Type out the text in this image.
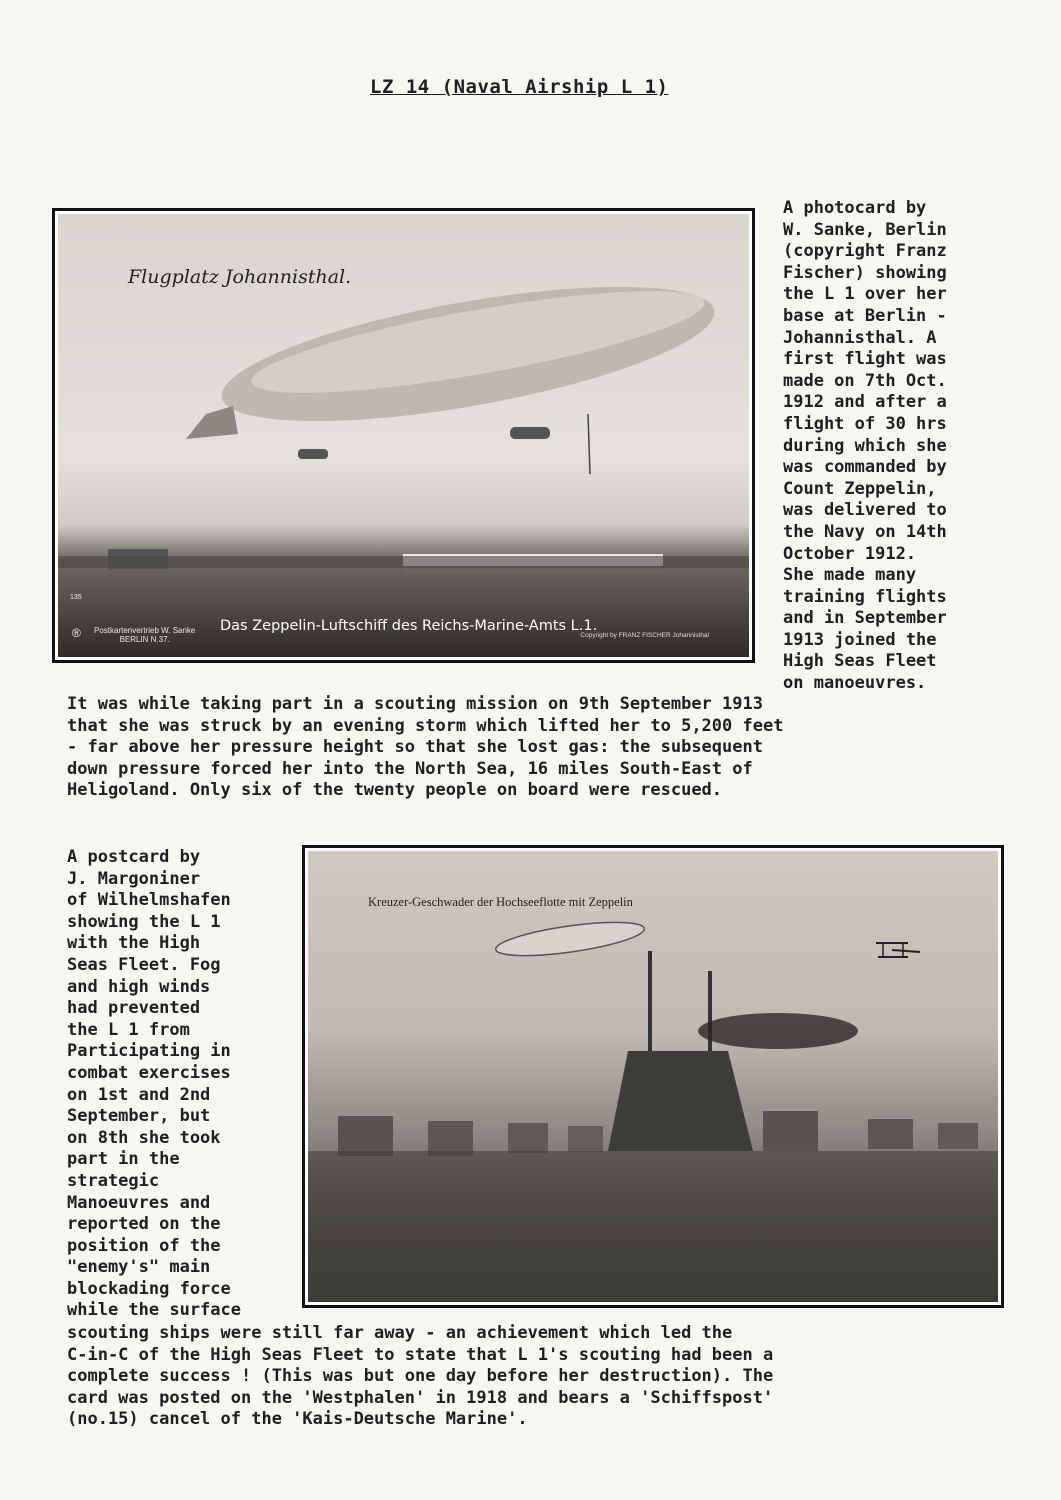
LZ 14 (Naval Airship L 1)
Flugplatz Johannisthal.
135
® Postkartenvertrieb W. Sanke
BERLIN N.37.
Das Zeppelin-Luftschiff des Reichs-Marine-Amts L.1.
Copyright by FRANZ FISCHER Johannisthal
A photocard by
W. Sanke, Berlin
(copyright Franz
Fischer) showing
the L 1 over her
base at Berlin -
Johannisthal. A
first flight was
made on 7th Oct.
1912 and after a
flight of 30 hrs
during which she
was commanded by
Count Zeppelin,
was delivered to
the Navy on 14th
October 1912.
She made many
training flights
and in September
1913 joined the
High Seas Fleet
on manoeuvres.
It was while taking part in a scouting mission on 9th September 1913
that she was struck by an evening storm which lifted her to 5,200 feet
- far above her pressure height so that she lost gas: the subsequent
down pressure forced her into the North Sea, 16 miles South-East of
Heligoland. Only six of the twenty people on board were rescued.
A postcard by
J. Margoniner
of Wilhelmshafen
showing the L 1
with the High
Seas Fleet. Fog
and high winds
had prevented
the L 1 from
Participating in
combat exercises
on 1st and 2nd
September, but
on 8th she took
part in the
strategic
Manoeuvres and
reported on the
position of the
"enemy's" main
blockading force
while the surface
Kreuzer-Geschwader der Hochseeflotte mit Zeppelin
scouting ships were still far away - an achievement which led the
C-in-C of the High Seas Fleet to state that L 1's scouting had been a
complete success ! (This was but one day before her destruction). The
card was posted on the 'Westphalen' in 1918 and bears a 'Schiffspost'
(no.15) cancel of the 'Kais-Deutsche Marine'.
